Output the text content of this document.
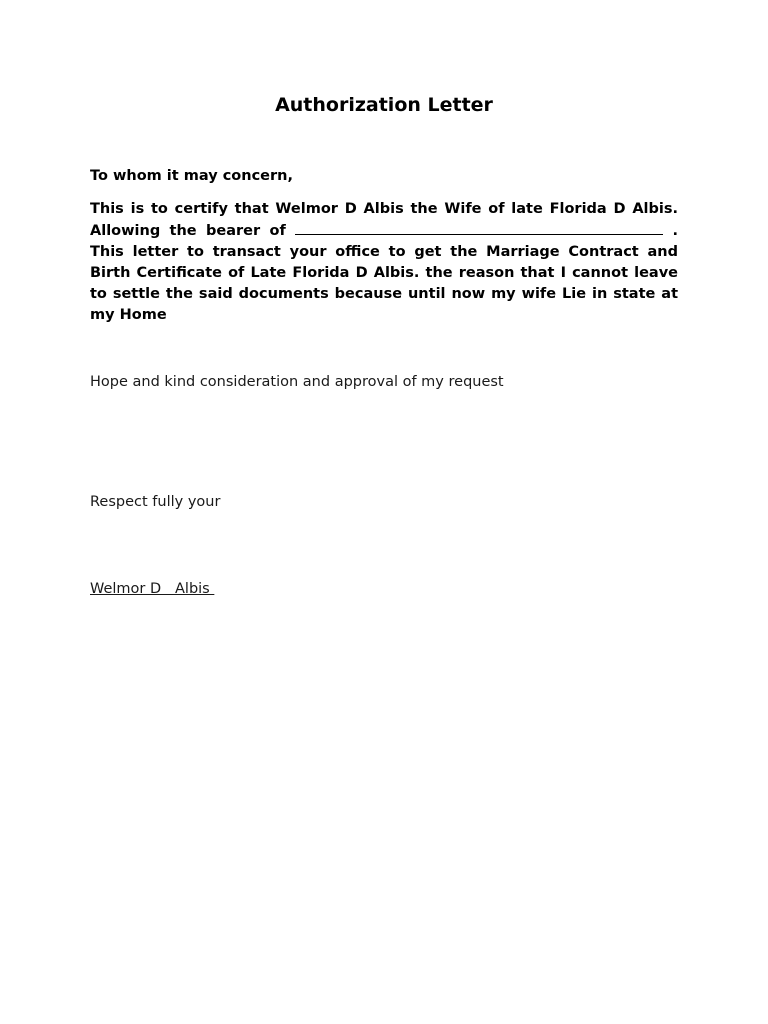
Authorization Letter

To whom it may concern,

This is to certify that Welmor D Albis the Wife of late Florida D Albis. Allowing the bearer of	. This letter to transact your office to get the Marriage Contract and Birth Certificate of Late Florida D Albis. the reason that I cannot leave to settle the said documents because until now my wife Lie in state at my Home

Hope and kind consideration and approval of my request

Respect fully your

Welmor D   Albis
